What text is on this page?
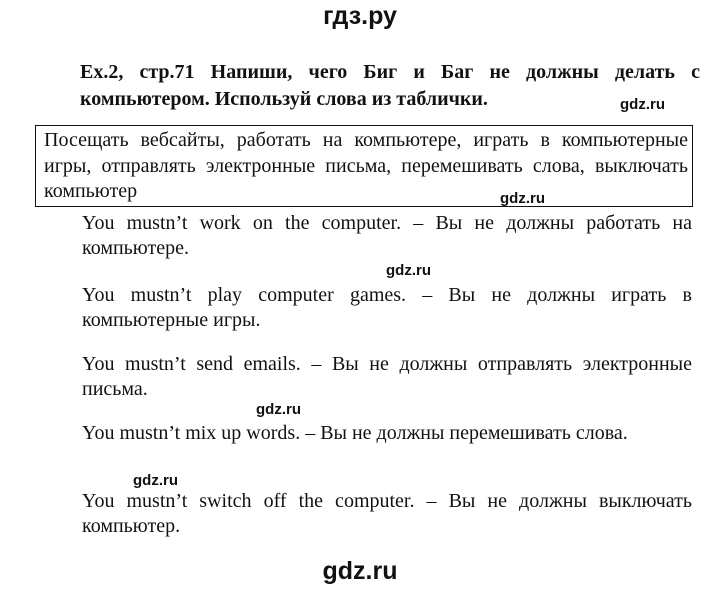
гдз.ру
Ex.2, стр.71 Напиши, чего Биг и Баг не должны делать с компьютером. Используй слова из таблички.	gdz.ru
Посещать вебсайты, работать на компьютере, играть в компьютерные игры, отправлять электронные письма, перемешивать слова, выключать компьютер	gdz.ru
You mustn’t work on the computer. – Вы не должны работать на компьютере.
gdz.ru
You mustn’t play computer games. – Вы не должны играть в компьютерные игры.
You mustn’t send emails. – Вы не должны отправлять электронные письма.
gdz.ru
You mustn’t mix up words. – Вы не должны перемешивать слова.
gdz.ru
You mustn’t switch off the computer. – Вы не должны выключать компьютер.
gdz.ru
